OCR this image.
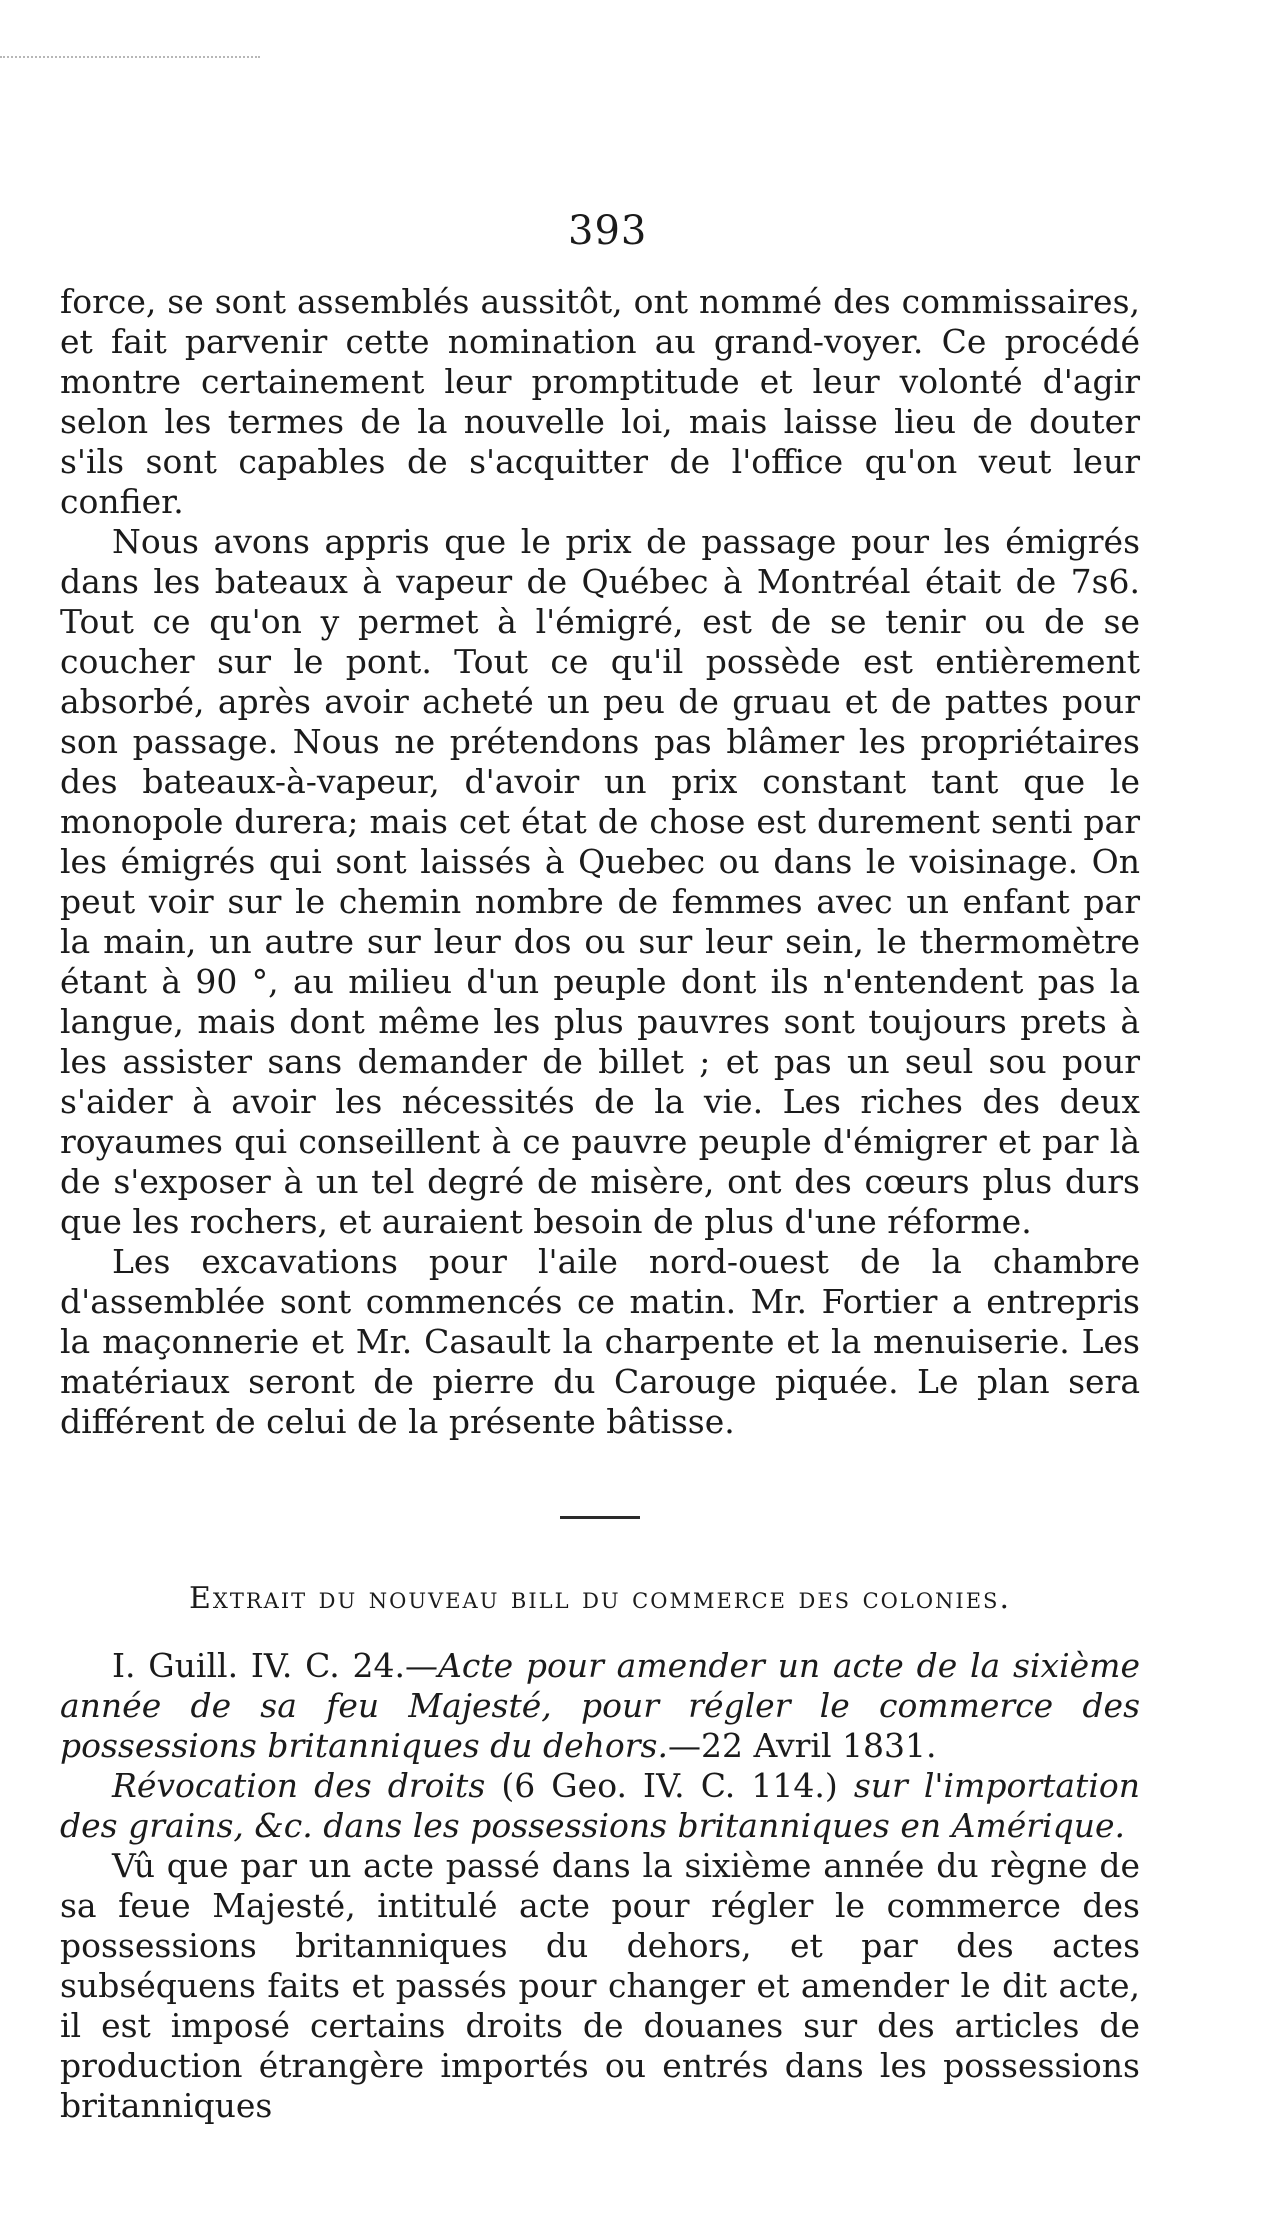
393

force, se sont assemblés aussitôt, ont nommé des commissaires, et fait parvenir cette nomination au grand-voyer. Ce procédé montre certainement leur promptitude et leur volonté d'agir selon les termes de la nouvelle loi, mais laisse lieu de douter s'ils sont capables de s'acquitter de l'office qu'on veut leur confier.

Nous avons appris que le prix de passage pour les émigrés dans les bateaux à vapeur de Québec à Montréal était de 7s6. Tout ce qu'on y permet à l'émigré, est de se tenir ou de se coucher sur le pont. Tout ce qu'il possède est entièrement absorbé, après avoir acheté un peu de gruau et de pattes pour son passage. Nous ne prétendons pas blâmer les propriétaires des bateaux-à-vapeur, d'avoir un prix constant tant que le monopole durera; mais cet état de chose est durement senti par les émigrés qui sont laissés à Quebec ou dans le voisinage. On peut voir sur le chemin nombre de femmes avec un enfant par la main, un autre sur leur dos ou sur leur sein, le thermomètre étant à 90 °, au milieu d'un peuple dont ils n'entendent pas la langue, mais dont même les plus pauvres sont toujours prets à les assister sans demander de billet ; et pas un seul sou pour s'aider à avoir les nécessités de la vie. Les riches des deux royaumes qui conseillent à ce pauvre peuple d'émigrer et par là de s'exposer à un tel degré de misère, ont des cœurs plus durs que les rochers, et auraient besoin de plus d'une réforme.

Les excavations pour l'aile nord-ouest de la chambre d'assemblée sont commencés ce matin. Mr. Fortier a entrepris la maçonnerie et Mr. Casault la charpente et la menuiserie. Les matériaux seront de pierre du Carouge piquée. Le plan sera différent de celui de la présente bâtisse.

Extrait du nouveau bill du commerce des colonies.

I. Guill. IV. C. 24.—Acte pour amender un acte de la sixième année de sa feu Majesté, pour régler le commerce des possessions britanniques du dehors.—22 Avril 1831.

Révocation des droits (6 Geo. IV. C. 114.) sur l'importation des grains, &c. dans les possessions britanniques en Amérique.

Vû que par un acte passé dans la sixième année du règne de sa feue Majesté, intitulé acte pour régler le commerce des possessions britanniques du dehors, et par des actes subséquens faits et passés pour changer et amender le dit acte, il est imposé certains droits de douanes sur des articles de production étrangère importés ou entrés dans les possessions britanniques
